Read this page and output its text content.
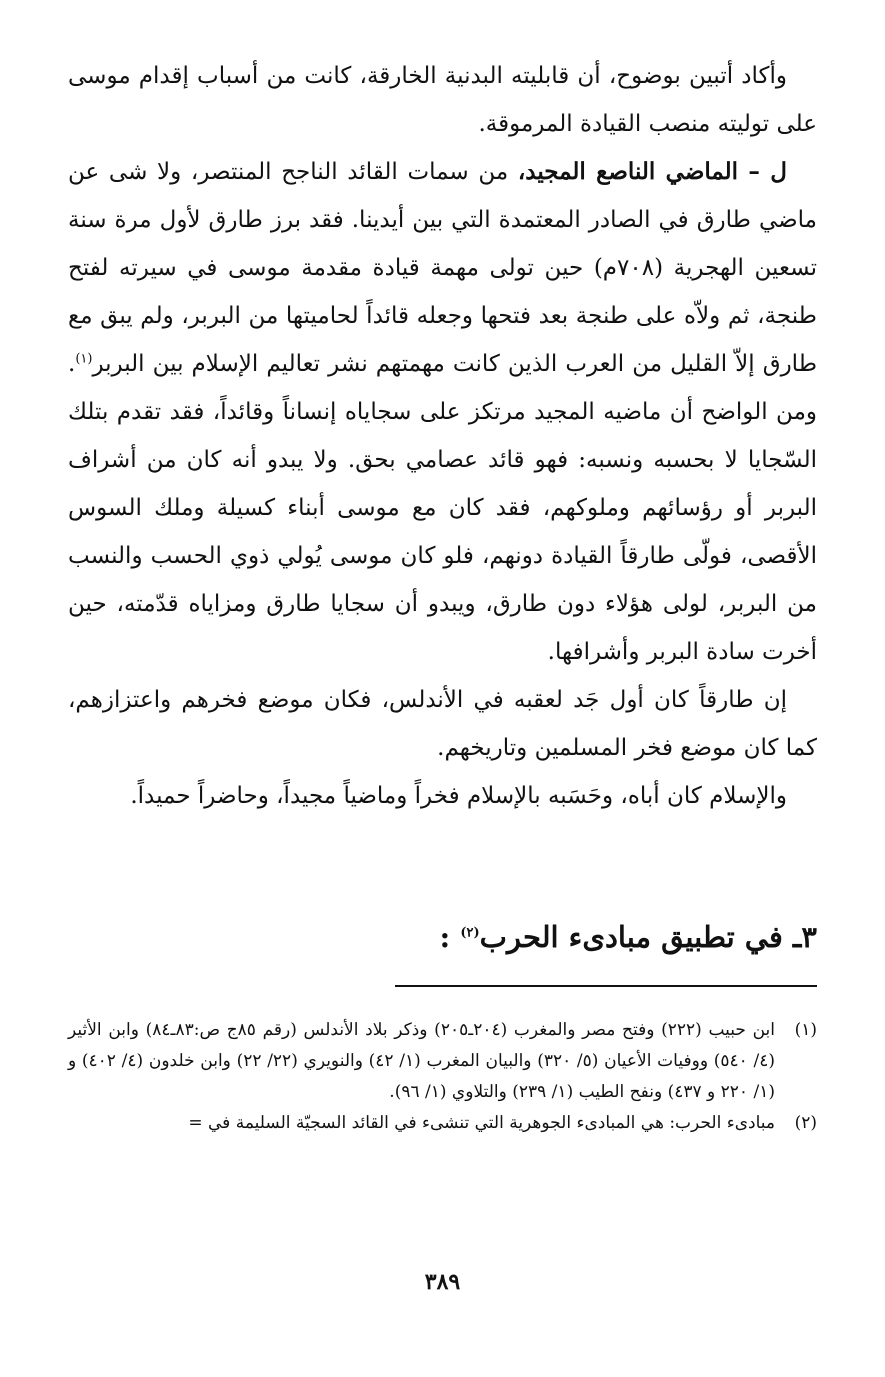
وأكاد أتبين بوضوح، أن قابليته البدنية الخارقة، كانت من أسباب إقدام موسى على توليته منصب القيادة المرموقة.

ل – الماضي الناصع المجيد، من سمات القائد الناجح المنتصر، ولا شى عن ماضي طارق في الصادر المعتمدة التي بين أيدينا. فقد برز طارق لأول مرة سنة تسعين الهجرية (٧٠٨م) حين تولى مهمة قيادة مقدمة موسى في سيرته لفتح طنجة، ثم ولاّه على طنجة بعد فتحها وجعله قائداً لحاميتها من البربر، ولم يبق مع طارق إلاّ القليل من العرب الذين كانت مهمتهم نشر تعاليم الإسلام بين البربر$^{(١)}$. ومن الواضح أن ماضيه المجيد مرتكز على سجاياه إنساناً وقائداً، فقد تقدم بتلك السّجايا لا بحسبه ونسبه: فهو قائد عصامي بحق. ولا يبدو أنه كان من أشراف البربر أو رؤسائهم وملوكهم، فقد كان مع موسى أبناء كسيلة وملك السوس الأقصى، فولّى طارقاً القيادة دونهم، فلو كان موسى يُولي ذوي الحسب والنسب من البربر، لولى هؤلاء دون طارق، ويبدو أن سجايا طارق ومزاياه قدّمته، حين أخرت سادة البربر وأشرافها.

إن طارقاً كان أول جَد لعقبه في الأندلس، فكان موضع فخرهم واعتزازهم، كما كان موضع فخر المسلمين وتاريخهم.

والإسلام كان أباه، وحَسَبه بالإسلام فخراً وماضياً مجيداً، وحاضراً حميداً.

٣ـ في تطبيق مبادىء الحرب$^{(٢)}$ :
(١)
ابن حبيب (٢٢٢) وفتح مصر والمغرب (٢٠٤ـ٢٠٥) وذكر بلاد الأندلس (رقم ٨٥ج ص:٨٣ـ٨٤) وابن الأثير (٤/ ٥٤٠) ووفيات الأعيان (٥/ ٣٢٠) والبيان المغرب (١/ ٤٢) والنويري (٢٢/ ٢٢) وابن خلدون (٤/ ٤٠٢) و (١/ ٢٢٠ و ٤٣٧) ونفح الطيب (١/ ٢٣٩) والتلاوي (١/ ٩٦).
(٢)
مبادىء الحرب: هي المبادىء الجوهرية التي تنشىء في القائد السجيّة السليمة في =
٣٨٩
